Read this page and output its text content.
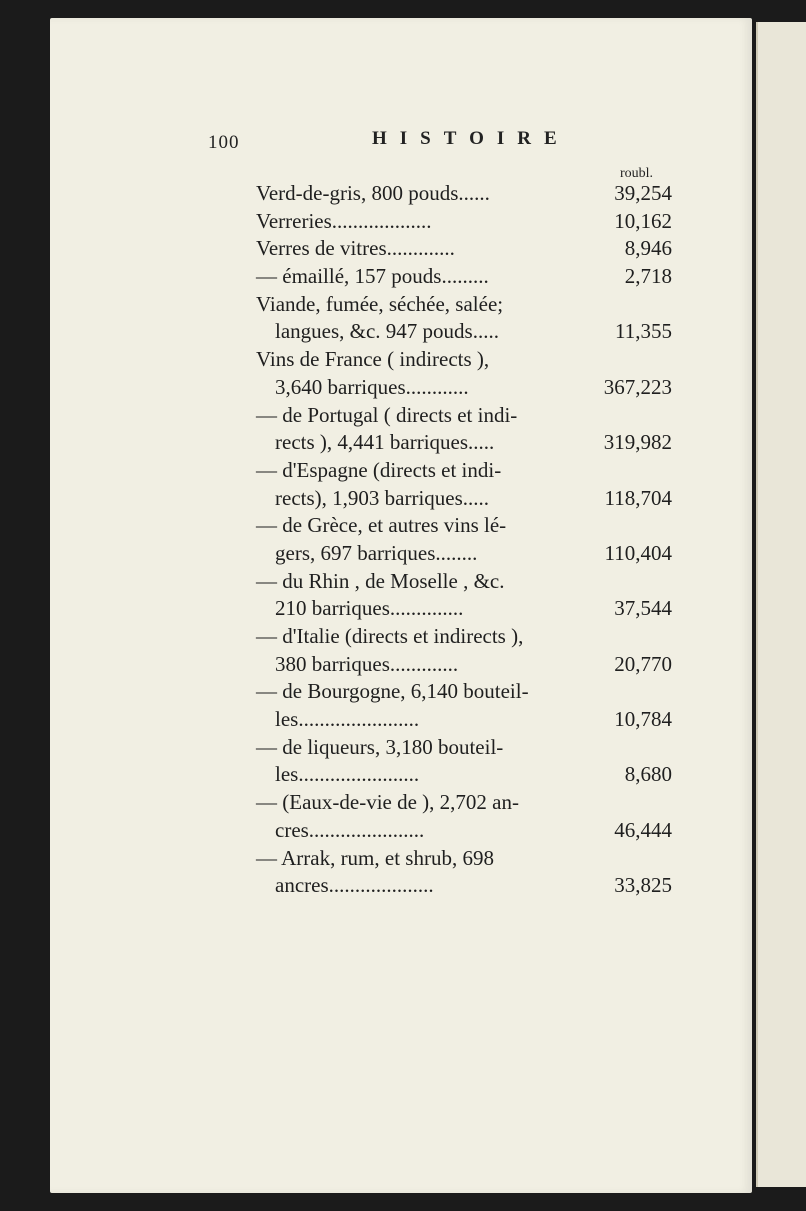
100	HISTOIRE
roubl.
Verd-de-gris, 800 pouds......	39,254
Verreries...................	10,162
Verres de vitres.............	8,946
— émaillé, 157 pouds.........	2,718
Viande, fumée, séchée, salée;
langues, &c. 947 pouds.....	11,355
Vins de France ( indirects ),
3,640 barriques............	367,223
— de Portugal ( directs et indi-
rects ), 4,441 barriques.....	319,982
— d'Espagne (directs et indi-
rects), 1,903 barriques.....	118,704
— de Grèce, et autres vins lé-
gers, 697 barriques........	110,404
— du Rhin , de Moselle , &c.
210 barriques..............	37,544
— d'Italie (directs et indirects ),
380 barriques.............	20,770
— de Bourgogne, 6,140 bouteil-
les.......................	10,784
— de liqueurs, 3,180 bouteil-
les.......................	8,680
— (Eaux-de-vie de ), 2,702 an-
cres......................	46,444
— Arrak, rum, et shrub, 698
ancres....................	33,825
